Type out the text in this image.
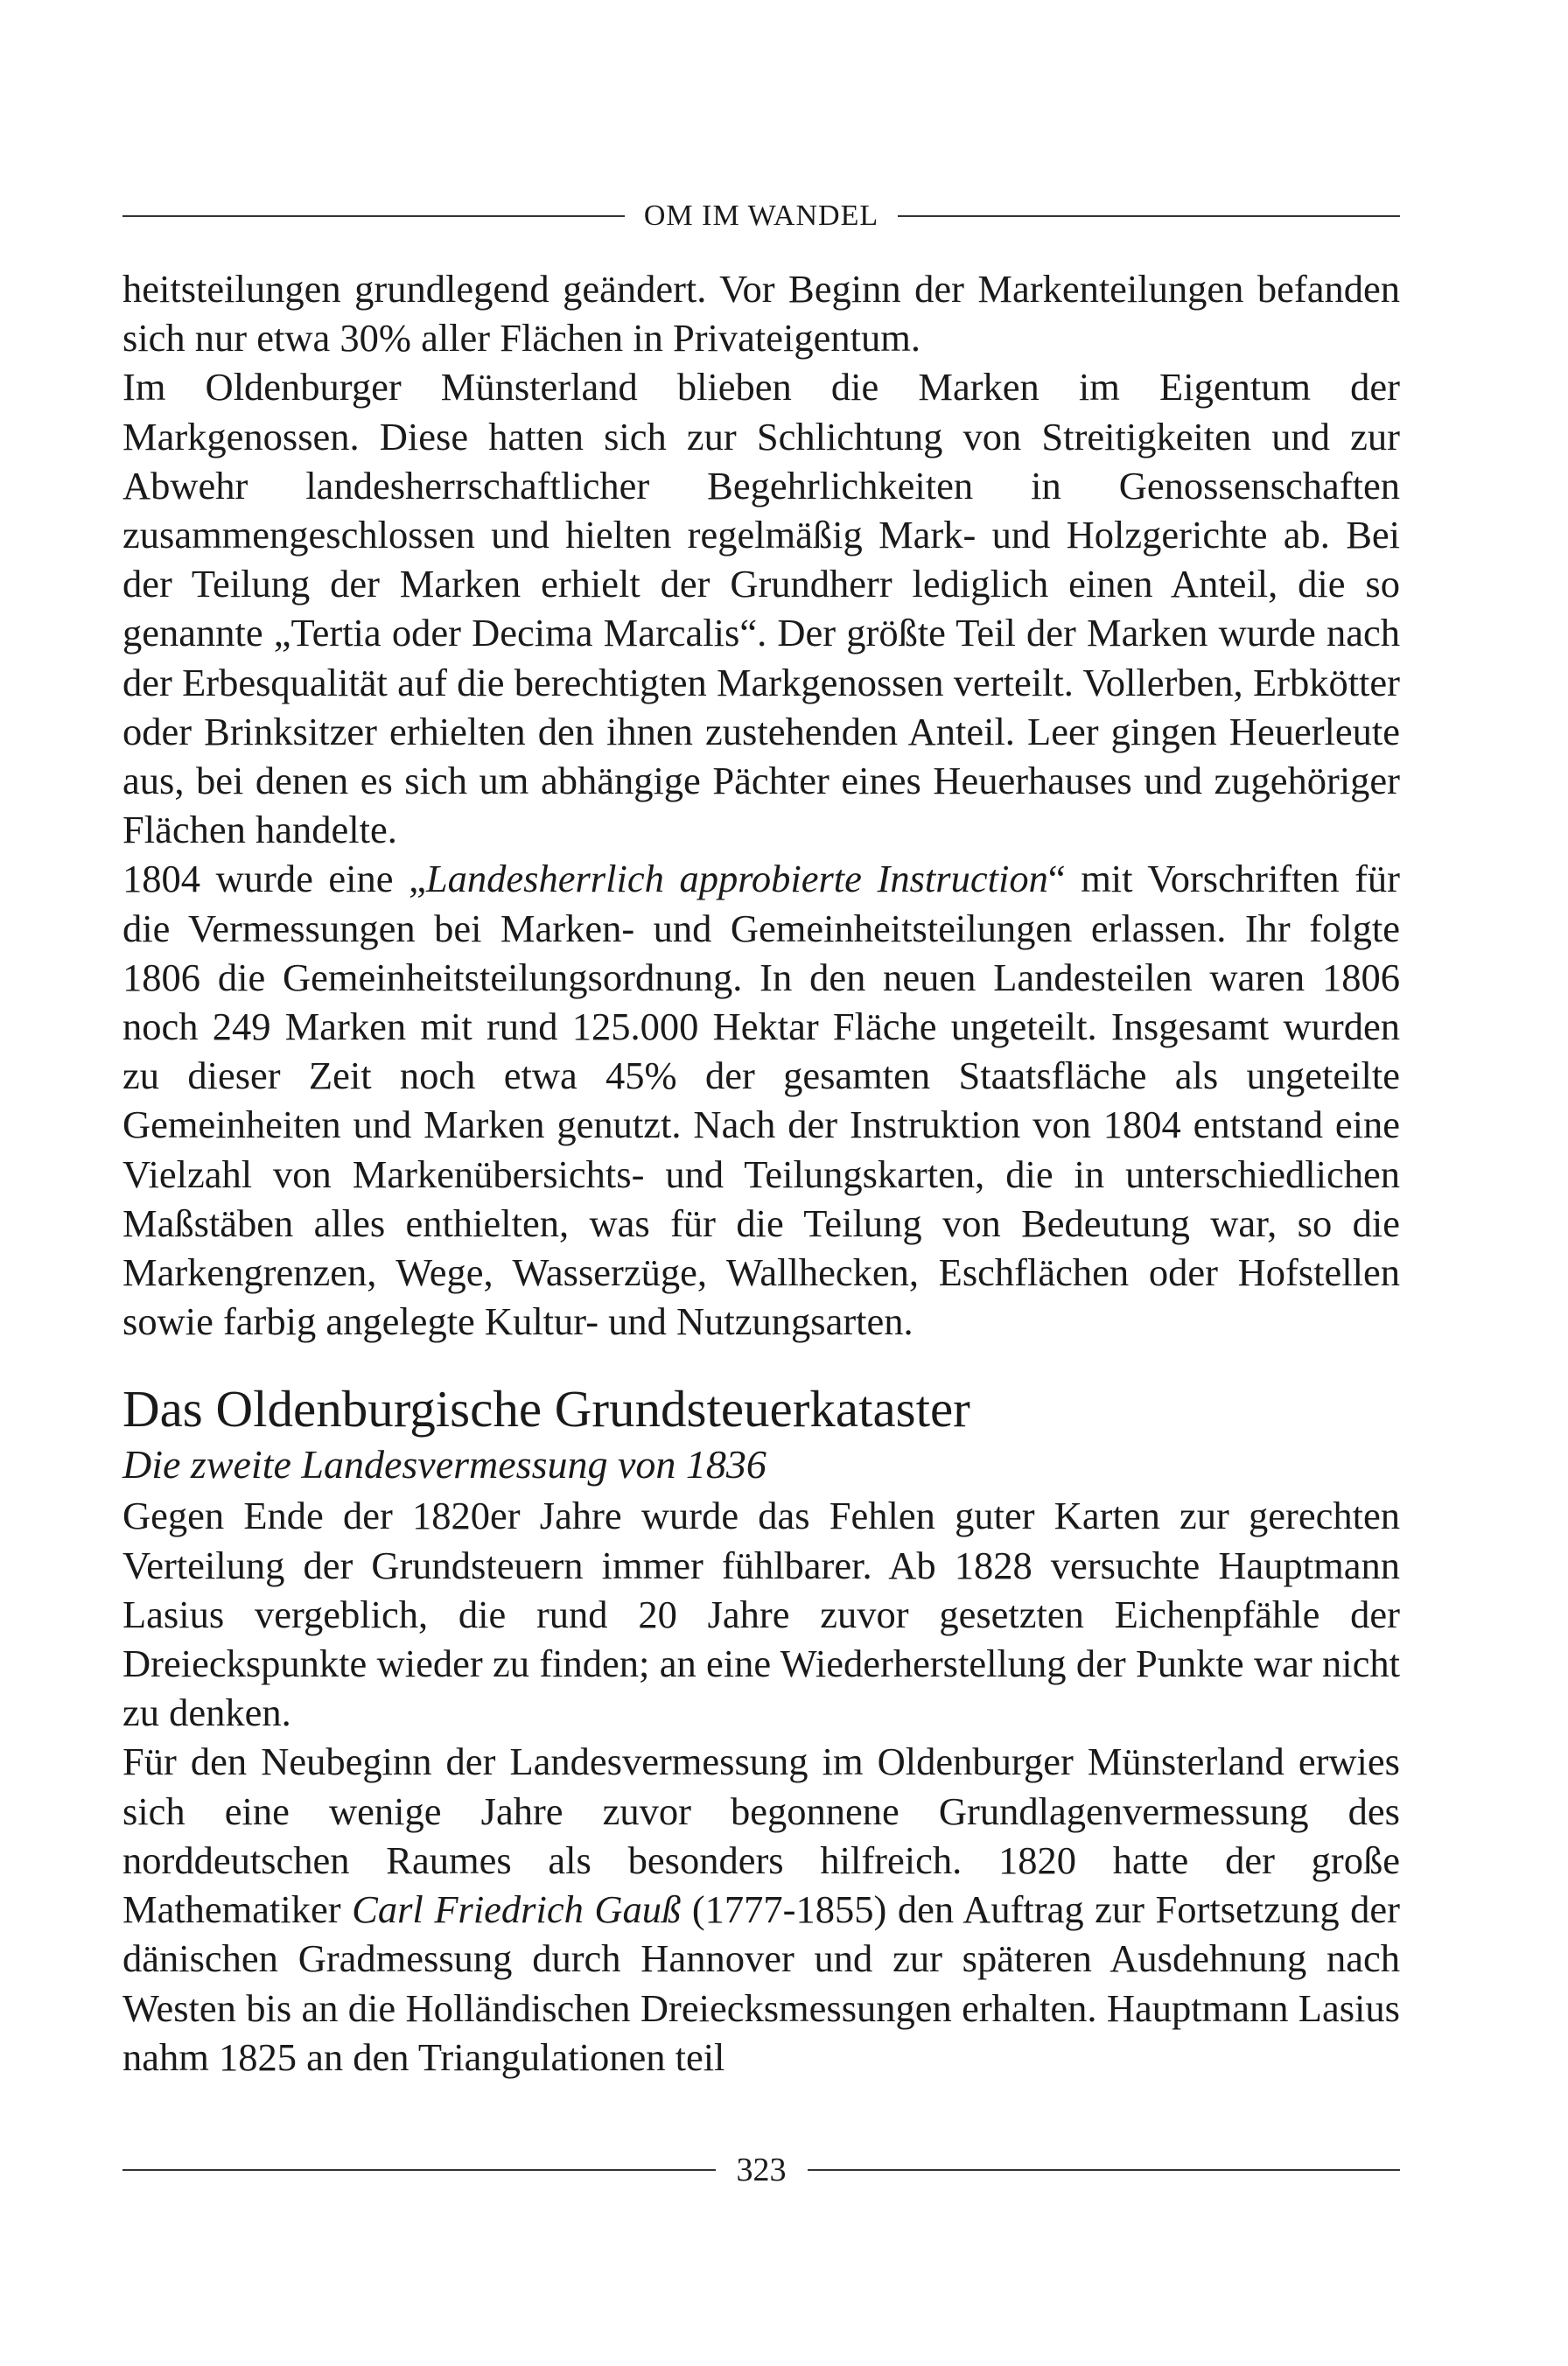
OM IM WANDEL

heitsteilungen grundlegend geändert. Vor Beginn der Markenteilungen befanden sich nur etwa 30% aller Flächen in Privateigentum.

Im Oldenburger Münsterland blieben die Marken im Eigentum der Markgenossen. Diese hatten sich zur Schlichtung von Streitigkeiten und zur Abwehr landesherrschaftlicher Begehrlichkeiten in Genossenschaften zusammengeschlossen und hielten regelmäßig Mark- und Holzgerichte ab. Bei der Teilung der Marken erhielt der Grundherr lediglich einen Anteil, die so genannte „Tertia oder Decima Marcalis“. Der größte Teil der Marken wurde nach der Erbesqualität auf die berechtigten Markgenossen verteilt. Vollerben, Erbkötter oder Brinksitzer erhielten den ihnen zustehenden Anteil. Leer gingen Heuerleute aus, bei denen es sich um abhängige Pächter eines Heuerhauses und zugehöriger Flächen handelte.

1804 wurde eine „Landesherrlich approbierte Instruction“ mit Vorschriften für die Vermessungen bei Marken- und Gemeinheitsteilungen erlassen. Ihr folgte 1806 die Gemeinheitsteilungsordnung. In den neuen Landesteilen waren 1806 noch 249 Marken mit rund 125.000 Hektar Fläche ungeteilt. Insgesamt wurden zu dieser Zeit noch etwa 45% der gesamten Staatsfläche als ungeteilte Gemeinheiten und Marken genutzt. Nach der Instruktion von 1804 entstand eine Vielzahl von Markenübersichts- und Teilungskarten, die in unterschiedlichen Maßstäben alles enthielten, was für die Teilung von Bedeutung war, so die Markengrenzen, Wege, Wasserzüge, Wallhecken, Eschflächen oder Hofstellen sowie farbig angelegte Kultur- und Nutzungsarten.

Das Oldenburgische Grundsteuerkataster
Die zweite Landesvermessung von 1836

Gegen Ende der 1820er Jahre wurde das Fehlen guter Karten zur gerechten Verteilung der Grundsteuern immer fühlbarer. Ab 1828 versuchte Hauptmann Lasius vergeblich, die rund 20 Jahre zuvor gesetzten Eichenpfähle der Dreieckspunkte wieder zu finden; an eine Wiederherstellung der Punkte war nicht zu denken.

Für den Neubeginn der Landesvermessung im Oldenburger Münsterland erwies sich eine wenige Jahre zuvor begonnene Grundlagenvermessung des norddeutschen Raumes als besonders hilfreich. 1820 hatte der große Mathematiker Carl Friedrich Gauß (1777-1855) den Auftrag zur Fortsetzung der dänischen Gradmessung durch Hannover und zur späteren Ausdehnung nach Westen bis an die Holländischen Dreiecksmessungen erhalten. Hauptmann Lasius nahm 1825 an den Triangulationen teil

323
